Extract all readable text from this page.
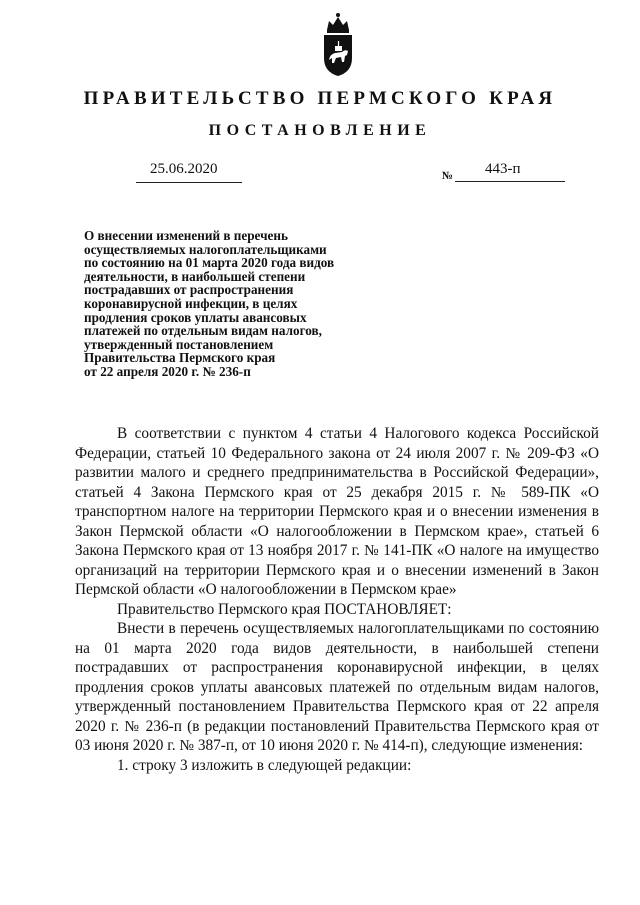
ПРАВИТЕЛЬСТВО ПЕРМСКОГО КРАЯ
ПОСТАНОВЛЕНИЕ
25.06.2020	№ 443-п
О внесении изменений в перечень
осуществляемых налогоплательщиками
по состоянию на 01 марта 2020 года видов
деятельности, в наибольшей степени
пострадавших от распространения
коронавирусной инфекции, в целях
продления сроков уплаты авансовых
платежей по отдельным видам налогов,
утвержденный постановлением
Правительства Пермского края
от 22 апреля 2020 г. № 236-п

В соответствии с пунктом 4 статьи 4 Налогового кодекса Российской Федерации, статьей 10 Федерального закона от 24 июля 2007 г. № 209-ФЗ «О развитии малого и среднего предпринимательства в Российской Федерации», статьей 4 Закона Пермского края от 25 декабря 2015 г. № 589-ПК «О транспортном налоге на территории Пермского края и о внесении изменения в Закон Пермской области «О налогообложении в Пермском крае», статьей 6 Закона Пермского края от 13 ноября 2017 г. № 141-ПК «О налоге на имущество организаций на территории Пермского края и о внесении изменений в Закон Пермской области «О налогообложении в Пермском крае»

Правительство Пермского края ПОСТАНОВЛЯЕТ:

Внести в перечень осуществляемых налогоплательщиками по состоянию на 01 марта 2020 года видов деятельности, в наибольшей степени пострадавших от распространения коронавирусной инфекции, в целях продления сроков уплаты авансовых платежей по отдельным видам налогов, утвержденный постановлением Правительства Пермского края от 22 апреля 2020 г. № 236-п (в редакции постановлений Правительства Пермского края от 03 июня 2020 г. № 387-п, от 10 июня 2020 г. № 414-п), следующие изменения:

1. строку 3 изложить в следующей редакции:
